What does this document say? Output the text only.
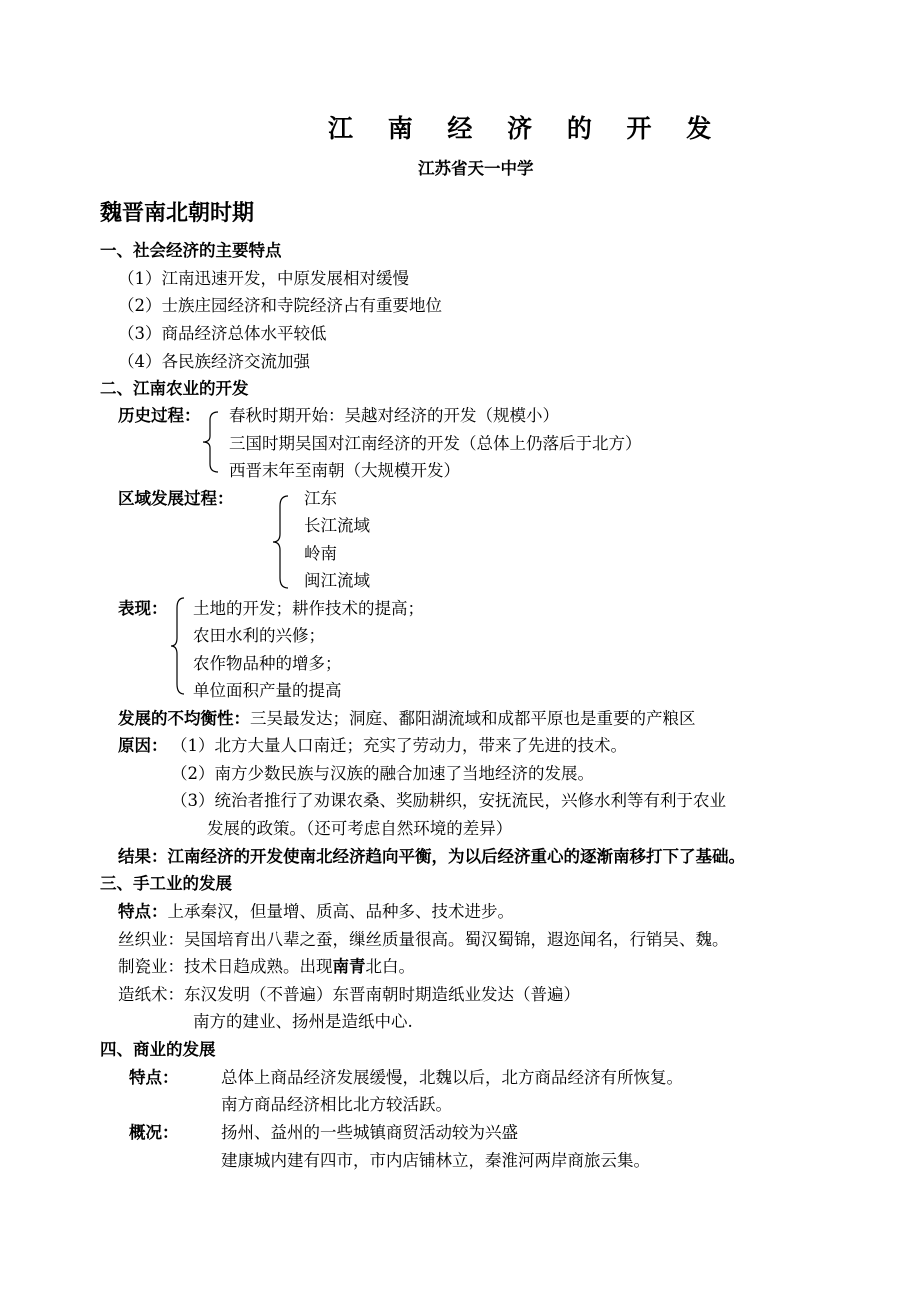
江 南 经 济 的 开 发
江苏省天一中学
魏晋南北朝时期
一、社会经济的主要特点
（1）江南迅速开发，中原发展相对缓慢
（2）士族庄园经济和寺院经济占有重要地位
（3）商品经济总体水平较低
（4）各民族经济交流加强
二、江南农业的开发
历史过程： 春秋时期开始：吴越对经济的开发（规模小）
三国时期吴国对江南经济的开发（总体上仍落后于北方）
西晋末年至南朝（大规模开发）
区域发展过程：	江东
长江流域
岭南
闽江流域
表现： 土地的开发；耕作技术的提高；
农田水利的兴修；
农作物品种的增多；
单位面积产量的提高
发展的不均衡性：三吴最发达；洞庭、鄱阳湖流域和成都平原也是重要的产粮区
原因： （1）北方大量人口南迁；充实了劳动力，带来了先进的技术。
（2）南方少数民族与汉族的融合加速了当地经济的发展。
（3）统治者推行了劝课农桑、奖励耕织，安抚流民，兴修水利等有利于农业
发展的政策。（还可考虑自然环境的差异）
结果：江南经济的开发使南北经济趋向平衡，为以后经济重心的逐渐南移打下了基础。
三、手工业的发展
特点：上承秦汉，但量增、质高、品种多、技术进步。
丝织业：吴国培育出八辈之蚕，缫丝质量很高。蜀汉蜀锦，遐迩闻名，行销吴、魏。
制瓷业：技术日趋成熟。出现南青北白。
造纸术：东汉发明（不普遍）东晋南朝时期造纸业发达（普遍）
南方的建业、扬州是造纸中心.
四、商业的发展
特点：	总体上商品经济发展缓慢，北魏以后，北方商品经济有所恢复。
南方商品经济相比北方较活跃。
概况：	扬州、益州的一些城镇商贸活动较为兴盛
建康城内建有四市，市内店铺林立，秦淮河两岸商旅云集。
